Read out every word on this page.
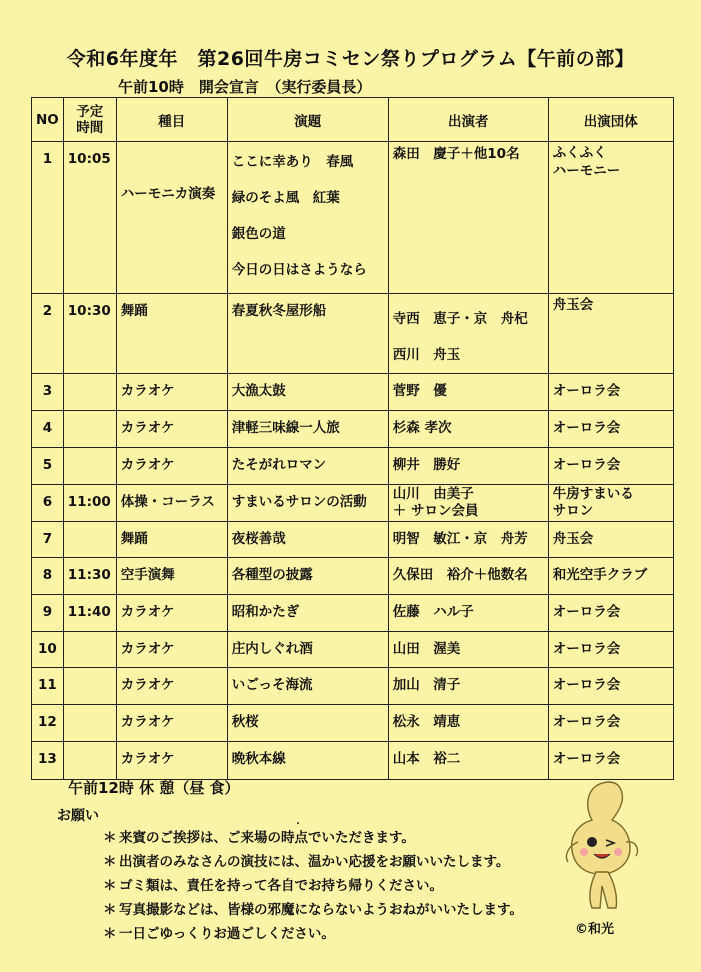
令和6年度年　第26回牛房コミセン祭りプログラム【午前の部】
午前10時　開会宣言　（実行委員長）
NO	予定
時間	種目	演題	出演者	出演団体

1	10:05	ハーモニカ演奏	ここに幸あり　春風
緑のそよ風　紅葉
銀色の道
今日の日はさようなら	森田　慶子＋他10名	ふくふく
ハーモニー

2	10:30	舞踊	春夏秋冬屋形船	寺西　恵子・京　舟杞
西川　舟玉	舟玉会

3		カラオケ	大漁太鼓	菅野　優	オーロラ会

4		カラオケ	津軽三味線一人旅	杉森 孝次	オーロラ会

5		カラオケ	たそがれロマン	柳井　勝好	オーロラ会

6	11:00	体操・コーラス	すまいるサロンの活動	山川　由美子
＋ サロン会員	牛房すまいる
サロン

7		舞踊	夜桜善哉	明智　敏江・京　舟芳	舟玉会

8	11:30	空手演舞	各種型の披露	久保田　裕介＋他数名	和光空手クラブ

9	11:40	カラオケ	昭和かたぎ	佐藤　ハル子	オーロラ会

10		カラオケ	庄内しぐれ酒	山田　渥美	オーロラ会

11		カラオケ	いごっそ海流	加山　清子	オーロラ会

12		カラオケ	秋桜	松永　靖恵	オーロラ会

13		カラオケ	晩秋本線	山本　裕二	オーロラ会
午前12時 休 憩（昼 食）
お願い
・
＊ 来賓のご挨拶は、ご来場の時点でいただきます。
＊ 出演者のみなさんの演技には、温かい応援をお願いいたします。
＊ ゴミ類は、責任を持って各自でお持ち帰りください。
＊ 写真撮影などは、皆様の邪魔にならないようおねがいいたします。
＊ 一日ごゆっくりお過ごしください。	©和光
